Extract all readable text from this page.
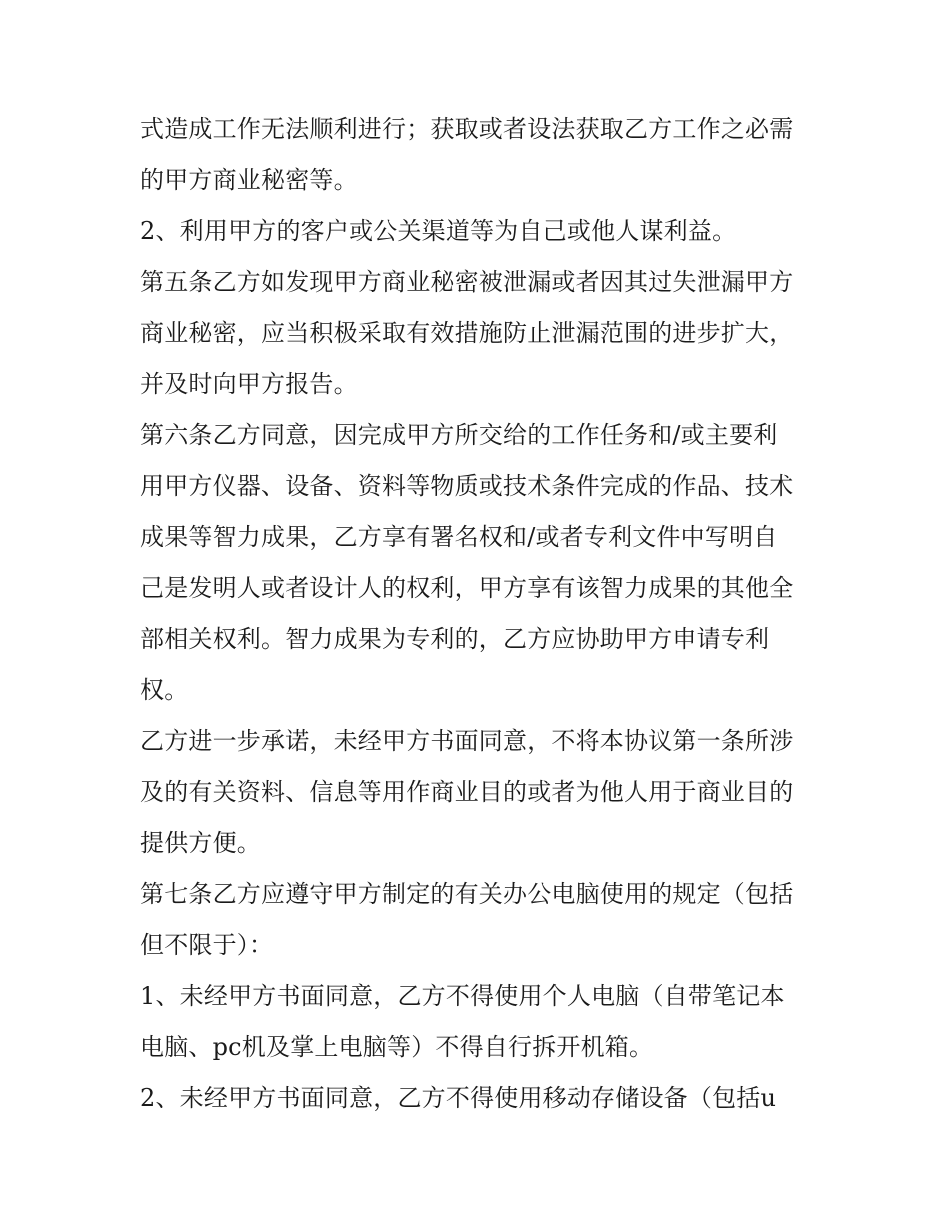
式造成工作无法顺利进行；获取或者设法获取乙方工作之必需
的甲方商业秘密等。
2、利用甲方的客户或公关渠道等为自己或他人谋利益。
第五条乙方如发现甲方商业秘密被泄漏或者因其过失泄漏甲方
商业秘密，应当积极采取有效措施防止泄漏范围的进步扩大，
并及时向甲方报告。
第六条乙方同意，因完成甲方所交给的工作任务和/或主要利
用甲方仪器、设备、资料等物质或技术条件完成的作品、技术
成果等智力成果，乙方享有署名权和/或者专利文件中写明自
己是发明人或者设计人的权利，甲方享有该智力成果的其他全
部相关权利。智力成果为专利的，乙方应协助甲方申请专利
权。
乙方进一步承诺，未经甲方书面同意，不将本协议第一条所涉
及的有关资料、信息等用作商业目的或者为他人用于商业目的
提供方便。
第七条乙方应遵守甲方制定的有关办公电脑使用的规定（包括
但不限于）：
1、未经甲方书面同意，乙方不得使用个人电脑（自带笔记本
电脑、pc机及掌上电脑等）不得自行拆开机箱。
2、未经甲方书面同意，乙方不得使用移动存储设备（包括u
